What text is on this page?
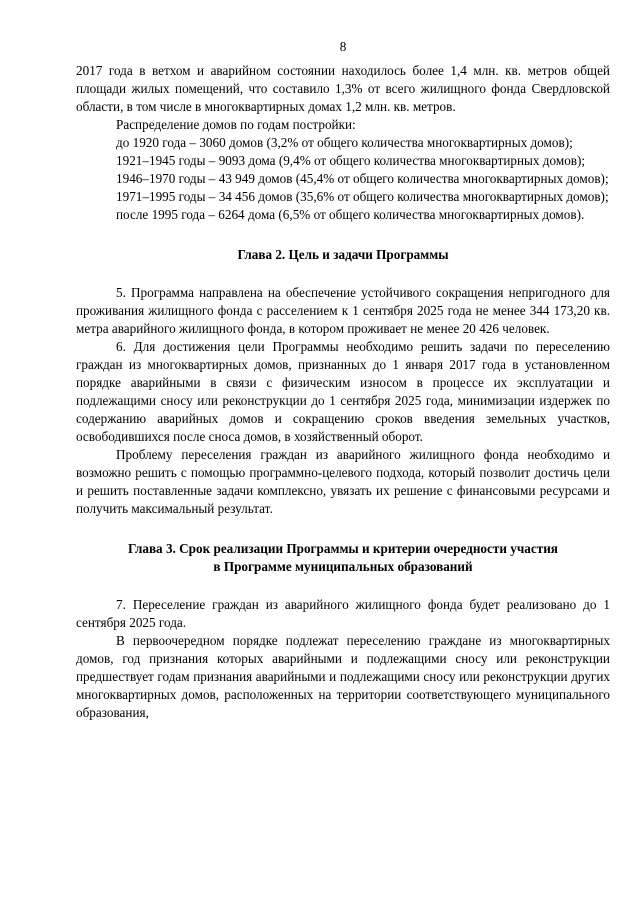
8

2017 года в ветхом и аварийном состоянии находилось более 1,4 млн. кв. метров общей площади жилых помещений, что составило 1,3% от всего жилищного фонда Свердловской области, в том числе в многоквартирных домах 1,2 млн. кв. метров.

Распределение домов по годам постройки:

до 1920 года – 3060 домов (3,2% от общего количества многоквартирных домов);

1921–1945 годы – 9093 дома (9,4% от общего количества многоквартирных домов);

1946–1970 годы – 43 949 домов (45,4% от общего количества многоквартирных домов);

1971–1995 годы – 34 456 домов (35,6% от общего количества многоквартирных домов);

после 1995 года – 6264 дома (6,5% от общего количества многоквартирных домов).

Глава 2. Цель и задачи Программы

5. Программа направлена на обеспечение устойчивого сокращения непригодного для проживания жилищного фонда с расселением к 1 сентября 2025 года не менее 344 173,20 кв. метра аварийного жилищного фонда, в котором проживает не менее 20 426 человек.

6. Для достижения цели Программы необходимо решить задачи по переселению граждан из многоквартирных домов, признанных до 1 января 2017 года в установленном порядке аварийными в связи с физическим износом в процессе их эксплуатации и подлежащими сносу или реконструкции до 1 сентября 2025 года, минимизации издержек по содержанию аварийных домов и сокращению сроков введения земельных участков, освободившихся после сноса домов, в хозяйственный оборот.

Проблему переселения граждан из аварийного жилищного фонда необходимо и возможно решить с помощью программно-целевого подхода, который позволит достичь цели и решить поставленные задачи комплексно, увязать их решение с финансовыми ресурсами и получить максимальный результат.

Глава 3. Срок реализации Программы и критерии очередности участия
в Программе муниципальных образований

7. Переселение граждан из аварийного жилищного фонда будет реализовано до 1 сентября 2025 года.

В первоочередном порядке подлежат переселению граждане из многоквартирных домов, год признания которых аварийными и подлежащими сносу или реконструкции предшествует годам признания аварийными и подлежащими сносу или реконструкции других многоквартирных домов, расположенных на территории соответствующего муниципального образования,
